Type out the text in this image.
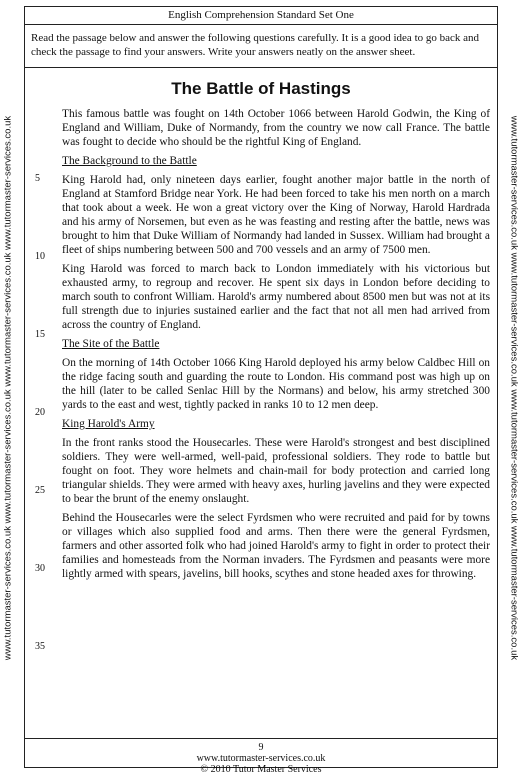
www.tutormaster-services.co.uk www.tutormaster-services.co.uk www.tutormaster-services.co.uk www.tutormaster-services.co.uk	www.tutormaster-services.co.uk www.tutormaster-services.co.uk www.tutormaster-services.co.uk www.tutormaster-services.co.uk
English Comprehension Standard Set One
Read the passage below and answer the following questions carefully. It is a good idea to go back and check the passage to find your answers. Write your answers neatly on the answer sheet.
The Battle of Hastings
5
10
15
20
25
30
35

This famous battle was fought on 14th October 1066 between Harold Godwin, the King of England and William, Duke of Normandy, from the country we now call France. The battle was fought to decide who should be the rightful King of England.

The Background to the Battle

King Harold had, only nineteen days earlier, fought another major battle in the north of England at Stamford Bridge near York. He had been forced to take his men north on a march that took about a week. He won a great victory over the King of Norway, Harold Hardrada and his army of Norsemen, but even as he was feasting and resting after the battle, news was brought to him that Duke William of Normandy had landed in Sussex. William had brought a fleet of ships numbering between 500 and 700 vessels and an army of 7500 men.

King Harold was forced to march back to London immediately with his victorious but exhausted army, to regroup and recover. He spent six days in London before deciding to march south to confront William. Harold's army numbered about 8500 men but was not at its full strength due to injuries sustained earlier and the fact that not all men had arrived from across the country of England.

The Site of the Battle

On the morning of 14th October 1066 King Harold deployed his army below Caldbec Hill on the ridge facing south and guarding the route to London. His command post was high up on the hill (later to be called Senlac Hill by the Normans) and below, his army stretched 300 yards to the east and west, tightly packed in ranks 10 to 12 men deep.

King Harold's Army

In the front ranks stood the Housecarles. These were Harold's strongest and best disciplined soldiers. They were well-armed, well-paid, professional soldiers. They rode to battle but fought on foot. They wore helmets and chain-mail for body protection and carried long triangular shields. They were armed with heavy axes, hurling javelins and they were expected to bear the brunt of the enemy onslaught.

Behind the Housecarles were the select Fyrdsmen who were recruited and paid for by towns or villages which also supplied food and arms. Then there were the general Fyrdsmen, farmers and other assorted folk who had joined Harold's army to fight in order to protect their families and homesteads from the Norman invaders. The Fyrdsmen and peasants were more lightly armed with spears, javelins, bill hooks, scythes and stone headed axes for throwing.

9
www.tutormaster-services.co.uk
© 2010 Tutor Master Services
